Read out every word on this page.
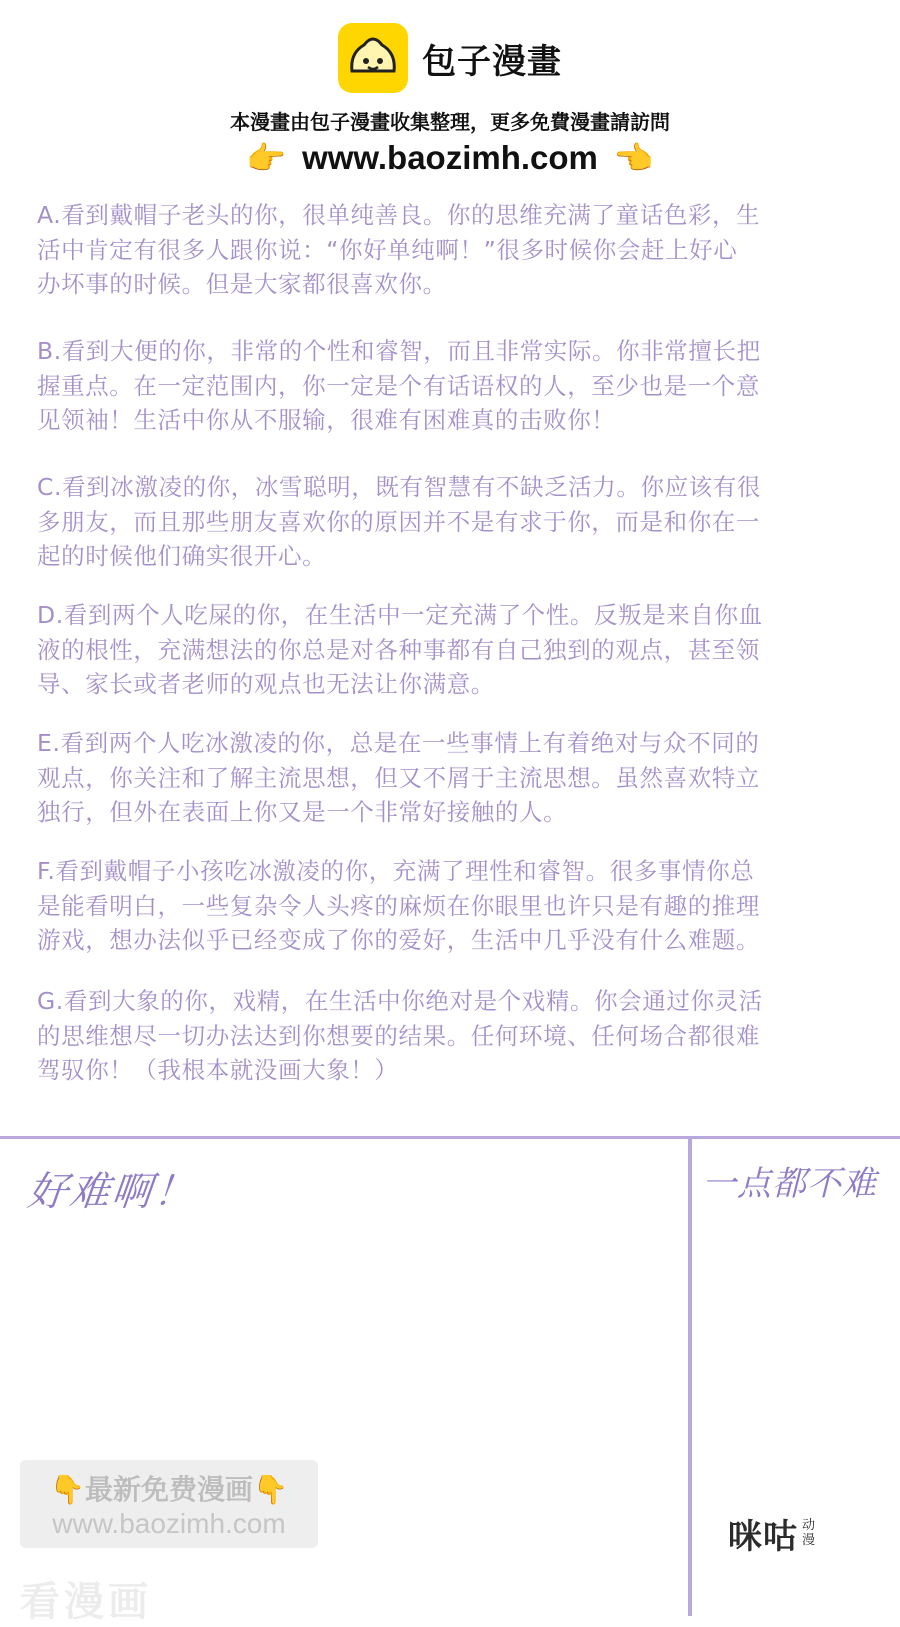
包子漫畫
本漫畫由包子漫畫收集整理，更多免費漫畫請訪問
👉 www.baozimh.com 👈
A.看到戴帽子老头的你，很单纯善良。你的思维充满了童话色彩，生
活中肯定有很多人跟你说：“你好单纯啊！”很多时候你会赶上好心
办坏事的时候。但是大家都很喜欢你。
B.看到大便的你，非常的个性和睿智，而且非常实际。你非常擅长把
握重点。在一定范围内，你一定是个有话语权的人，至少也是一个意
见领袖！生活中你从不服输，很难有困难真的击败你！
C.看到冰激凌的你，冰雪聪明，既有智慧有不缺乏活力。你应该有很
多朋友，而且那些朋友喜欢你的原因并不是有求于你，而是和你在一
起的时候他们确实很开心。
D.看到两个人吃屎的你，在生活中一定充满了个性。反叛是来自你血
液的根性，充满想法的你总是对各种事都有自己独到的观点，甚至领
导、家长或者老师的观点也无法让你满意。
E.看到两个人吃冰激凌的你，总是在一些事情上有着绝对与众不同的
观点，你关注和了解主流思想，但又不屑于主流思想。虽然喜欢特立
独行，但外在表面上你又是一个非常好接触的人。
F.看到戴帽子小孩吃冰激凌的你，充满了理性和睿智。很多事情你总
是能看明白，一些复杂令人头疼的麻烦在你眼里也许只是有趣的推理
游戏，想办法似乎已经变成了你的爱好，生活中几乎没有什么难题。
G.看到大象的你，戏精，在生活中你绝对是个戏精。你会通过你灵活
的思维想尽一切办法达到你想要的结果。任何环境、任何场合都很难
驾驭你！（我根本就没画大象！）
好难啊！	一点都不难
👇最新免费漫画👇
www.baozimh.com
看漫画
咪咕 动漫
